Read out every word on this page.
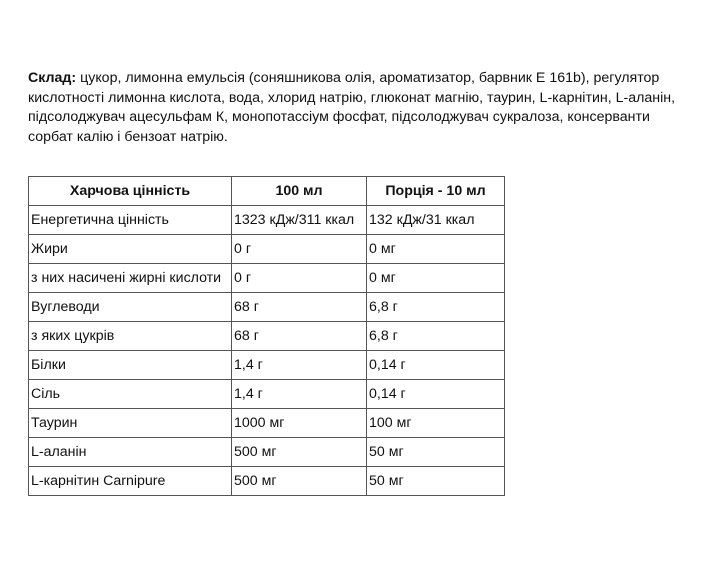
Склад: цукор, лимонна емульсія (соняшникова олія, ароматизатор, барвник Е 161b), регулятор кислотності лимонна кислота, вода, хлорид натрію, глюконат магнію, таурин, L-карнітин, L-аланін, підсолоджувач ацесульфам К, монопотассіум фосфат, підсолоджувач сукралоза, консерванти сорбат калію і бензоат натрію.

Харчова цінність	100 мл	Порція - 10 мл
Енергетична цінність	1323 кДж/311 ккал	132 кДж/31 ккал
Жири	0 г	0 мг
з них насичені жирні кислоти	0 г	0 мг
Вуглеводи	68 г	6,8 г
з яких цукрів	68 г	6,8 г
Білки	1,4 г	0,14 г
Сіль	1,4 г	0,14 г
Таурин	1000 мг	100 мг
L-аланін	500 мг	50 мг
L-карнітин Carnipure	500 мг	50 мг
